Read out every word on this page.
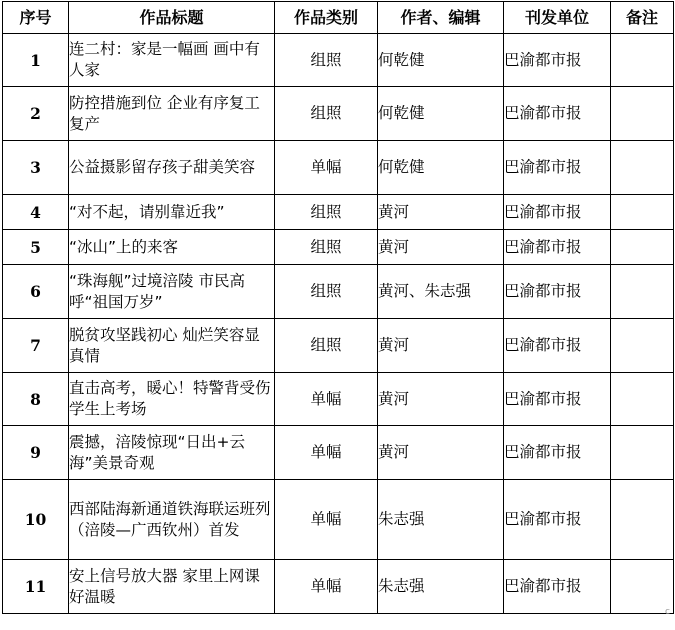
序号	作品标题	作品类别	作者、编辑	刊发单位	备注
1	连二村：家是一幅画 画中有人家	组照	何乾健	巴渝都市报	
2	防控措施到位 企业有序复工复产	组照	何乾健	巴渝都市报	
3	公益摄影留存孩子甜美笑容	单幅	何乾健	巴渝都市报	
4	“对不起，请别靠近我”	组照	黄河	巴渝都市报	
5	“冰山”上的来客	组照	黄河	巴渝都市报	
6	“珠海舰”过境涪陵 市民高呼“祖国万岁”	组照	黄河、朱志强	巴渝都市报	
7	脱贫攻坚践初心 灿烂笑容显真情	组照	黄河	巴渝都市报	
8	直击高考，暖心！特警背受伤学生上考场	单幅	黄河	巴渝都市报	
9	震撼，涪陵惊现“日出+云海”美景奇观	单幅	黄河	巴渝都市报	
10	西部陆海新通道铁海联运班列（涪陵—广西钦州）首发	单幅	朱志强	巴渝都市报	
11	安上信号放大器 家里上网课好温暖	单幅	朱志强	巴渝都市报	
c
